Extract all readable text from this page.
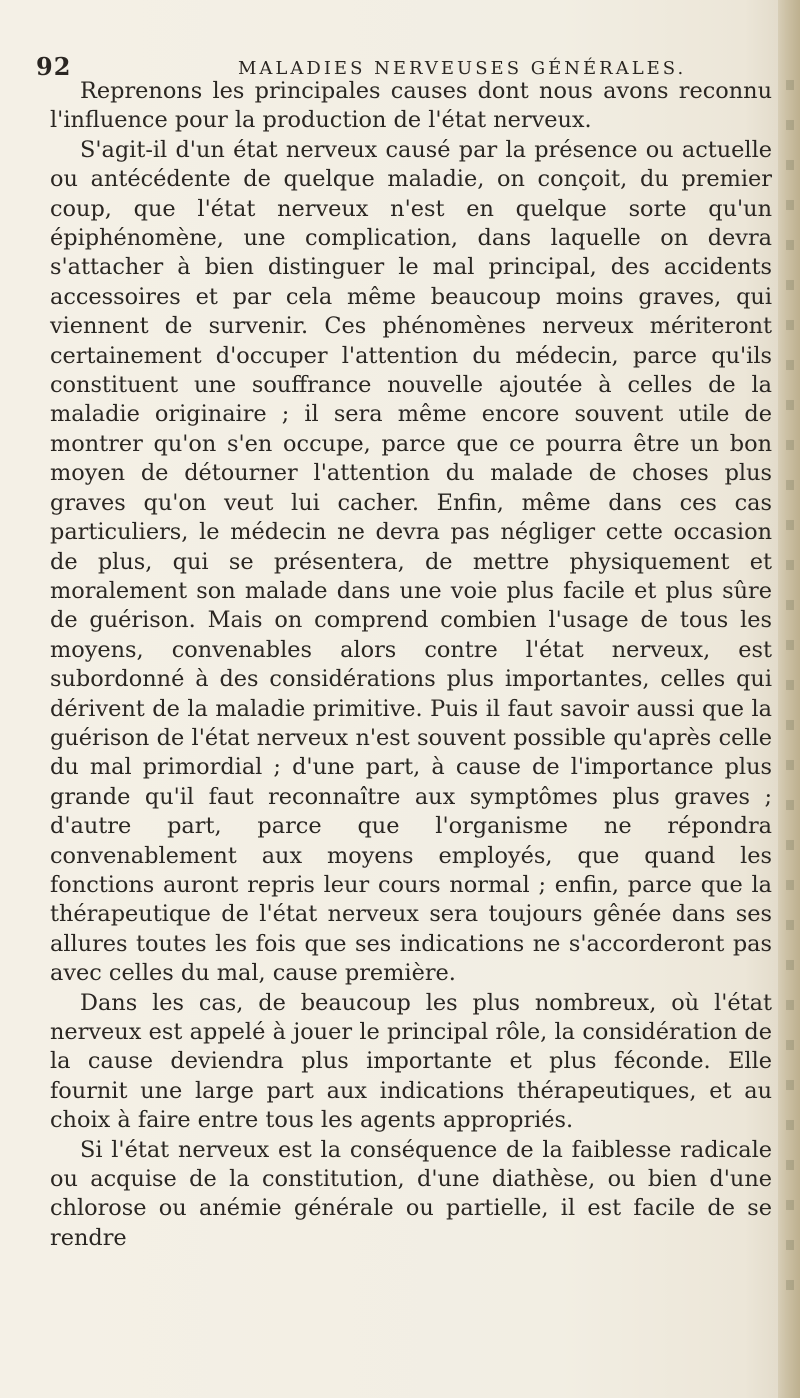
92	MALADIES NERVEUSES GÉNÉRALES.

Reprenons les principales causes dont nous avons reconnu l'influence pour la production de l'état nerveux.

S'agit-il d'un état nerveux causé par la présence ou actuelle ou antécédente de quelque maladie, on conçoit, du premier coup, que l'état nerveux n'est en quelque sorte qu'un épiphénomène, une complication, dans laquelle on devra s'attacher à bien distinguer le mal principal, des accidents accessoires et par cela même beaucoup moins graves, qui viennent de survenir. Ces phénomènes nerveux mériteront certainement d'occuper l'attention du médecin, parce qu'ils constituent une souffrance nouvelle ajoutée à celles de la maladie originaire ; il sera même encore souvent utile de montrer qu'on s'en occupe, parce que ce pourra être un bon moyen de détourner l'attention du malade de choses plus graves qu'on veut lui cacher. Enfin, même dans ces cas particuliers, le médecin ne devra pas négliger cette occasion de plus, qui se présentera, de mettre physiquement et moralement son malade dans une voie plus facile et plus sûre de guérison. Mais on comprend combien l'usage de tous les moyens, convenables alors contre l'état nerveux, est subordonné à des considérations plus importantes, celles qui dérivent de la maladie primitive. Puis il faut savoir aussi que la guérison de l'état nerveux n'est souvent possible qu'après celle du mal primordial ; d'une part, à cause de l'importance plus grande qu'il faut reconnaître aux symptômes plus graves ; d'autre part, parce que l'organisme ne répondra convenablement aux moyens employés, que quand les fonctions auront repris leur cours normal ; enfin, parce que la thérapeutique de l'état nerveux sera toujours gênée dans ses allures toutes les fois que ses indications ne s'accorderont pas avec celles du mal, cause première.

Dans les cas, de beaucoup les plus nombreux, où l'état nerveux est appelé à jouer le principal rôle, la considération de la cause deviendra plus importante et plus féconde. Elle fournit une large part aux indications thérapeutiques, et au choix à faire entre tous les agents appropriés.

Si l'état nerveux est la conséquence de la faiblesse radicale ou acquise de la constitution, d'une diathèse, ou bien d'une chlorose ou anémie générale ou partielle, il est facile de se rendre
